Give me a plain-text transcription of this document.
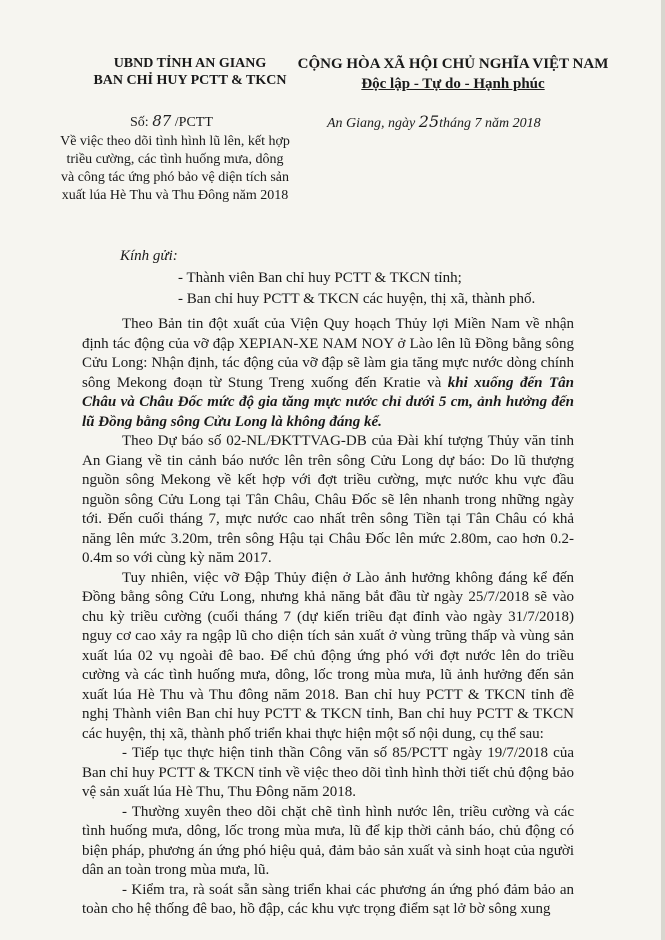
UBND TỈNH AN GIANG
BAN CHỈ HUY PCTT & TKCN
CỘNG HÒA XÃ HỘI CHỦ NGHĨA VIỆT NAM
Độc lập - Tự do - Hạnh phúc
Số: 87 /PCTT	An Giang, ngày 25tháng 7 năm 2018
Về việc theo dõi tình hình lũ lên, kết hợp triều cường, các tình huống mưa, dông và công tác ứng phó bảo vệ diện tích sản xuất lúa Hè Thu và Thu Đông năm 2018
Kính gửi:
- Thành viên Ban chỉ huy PCTT & TKCN tỉnh;
- Ban chỉ huy PCTT & TKCN các huyện, thị xã, thành phố.

Theo Bản tin đột xuất của Viện Quy hoạch Thủy lợi Miền Nam về nhận định tác động của vỡ đập XEPIAN-XE NAM NOY ở Lào lên lũ Đồng bằng sông Cửu Long: Nhận định, tác động của vỡ đập sẽ làm gia tăng mực nước dòng chính sông Mekong đoạn từ Stung Treng xuống đến Kratie và khi xuống đến Tân Châu và Châu Đốc mức độ gia tăng mực nước chỉ dưới 5 cm, ảnh hưởng đến lũ Đồng bằng sông Cửu Long là không đáng kể.

Theo Dự báo số 02-NL/ĐKTTVAG-DB của Đài khí tượng Thủy văn tỉnh An Giang về tin cảnh báo nước lên trên sông Cửu Long dự báo: Do lũ thượng nguồn sông Mekong về kết hợp với đợt triều cường, mực nước khu vực đầu nguồn sông Cửu Long tại Tân Châu, Châu Đốc sẽ lên nhanh trong những ngày tới. Đến cuối tháng 7, mực nước cao nhất trên sông Tiền tại Tân Châu có khả năng lên mức 3.20m, trên sông Hậu tại Châu Đốc lên mức 2.80m, cao hơn 0.2-0.4m so với cùng kỳ năm 2017.

Tuy nhiên, việc vỡ Đập Thủy điện ở Lào ảnh hưởng không đáng kể đến Đồng bằng sông Cửu Long, nhưng khả năng bắt đầu từ ngày 25/7/2018 sẽ vào chu kỳ triều cường (cuối tháng 7 (dự kiến triều đạt đỉnh vào ngày 31/7/2018) nguy cơ cao xảy ra ngập lũ cho diện tích sản xuất ở vùng trũng thấp và vùng sản xuất lúa 02 vụ ngoài đê bao. Để chủ động ứng phó với đợt nước lên do triều cường và các tình huống mưa, dông, lốc trong mùa mưa, lũ ảnh hưởng đến sản xuất lúa Hè Thu và Thu đông năm 2018. Ban chỉ huy PCTT & TKCN tỉnh đề nghị Thành viên Ban chỉ huy PCTT & TKCN tỉnh, Ban chỉ huy PCTT & TKCN các huyện, thị xã, thành phố triển khai thực hiện một số nội dung, cụ thể sau:

- Tiếp tục thực hiện tinh thần Công văn số 85/PCTT ngày 19/7/2018 của Ban chỉ huy PCTT & TKCN tỉnh về việc theo dõi tình hình thời tiết chủ động bảo vệ sản xuất lúa Hè Thu, Thu Đông năm 2018.

- Thường xuyên theo dõi chặt chẽ tình hình nước lên, triều cường và các tình huống mưa, dông, lốc trong mùa mưa, lũ để kịp thời cảnh báo, chủ động có biện pháp, phương án ứng phó hiệu quả, đảm bảo sản xuất và sinh hoạt của người dân an toàn trong mùa mưa, lũ.

- Kiểm tra, rà soát sẵn sàng triển khai các phương án ứng phó đảm bảo an toàn cho hệ thống đê bao, hồ đập, các khu vực trọng điểm sạt lở bờ sông xung
